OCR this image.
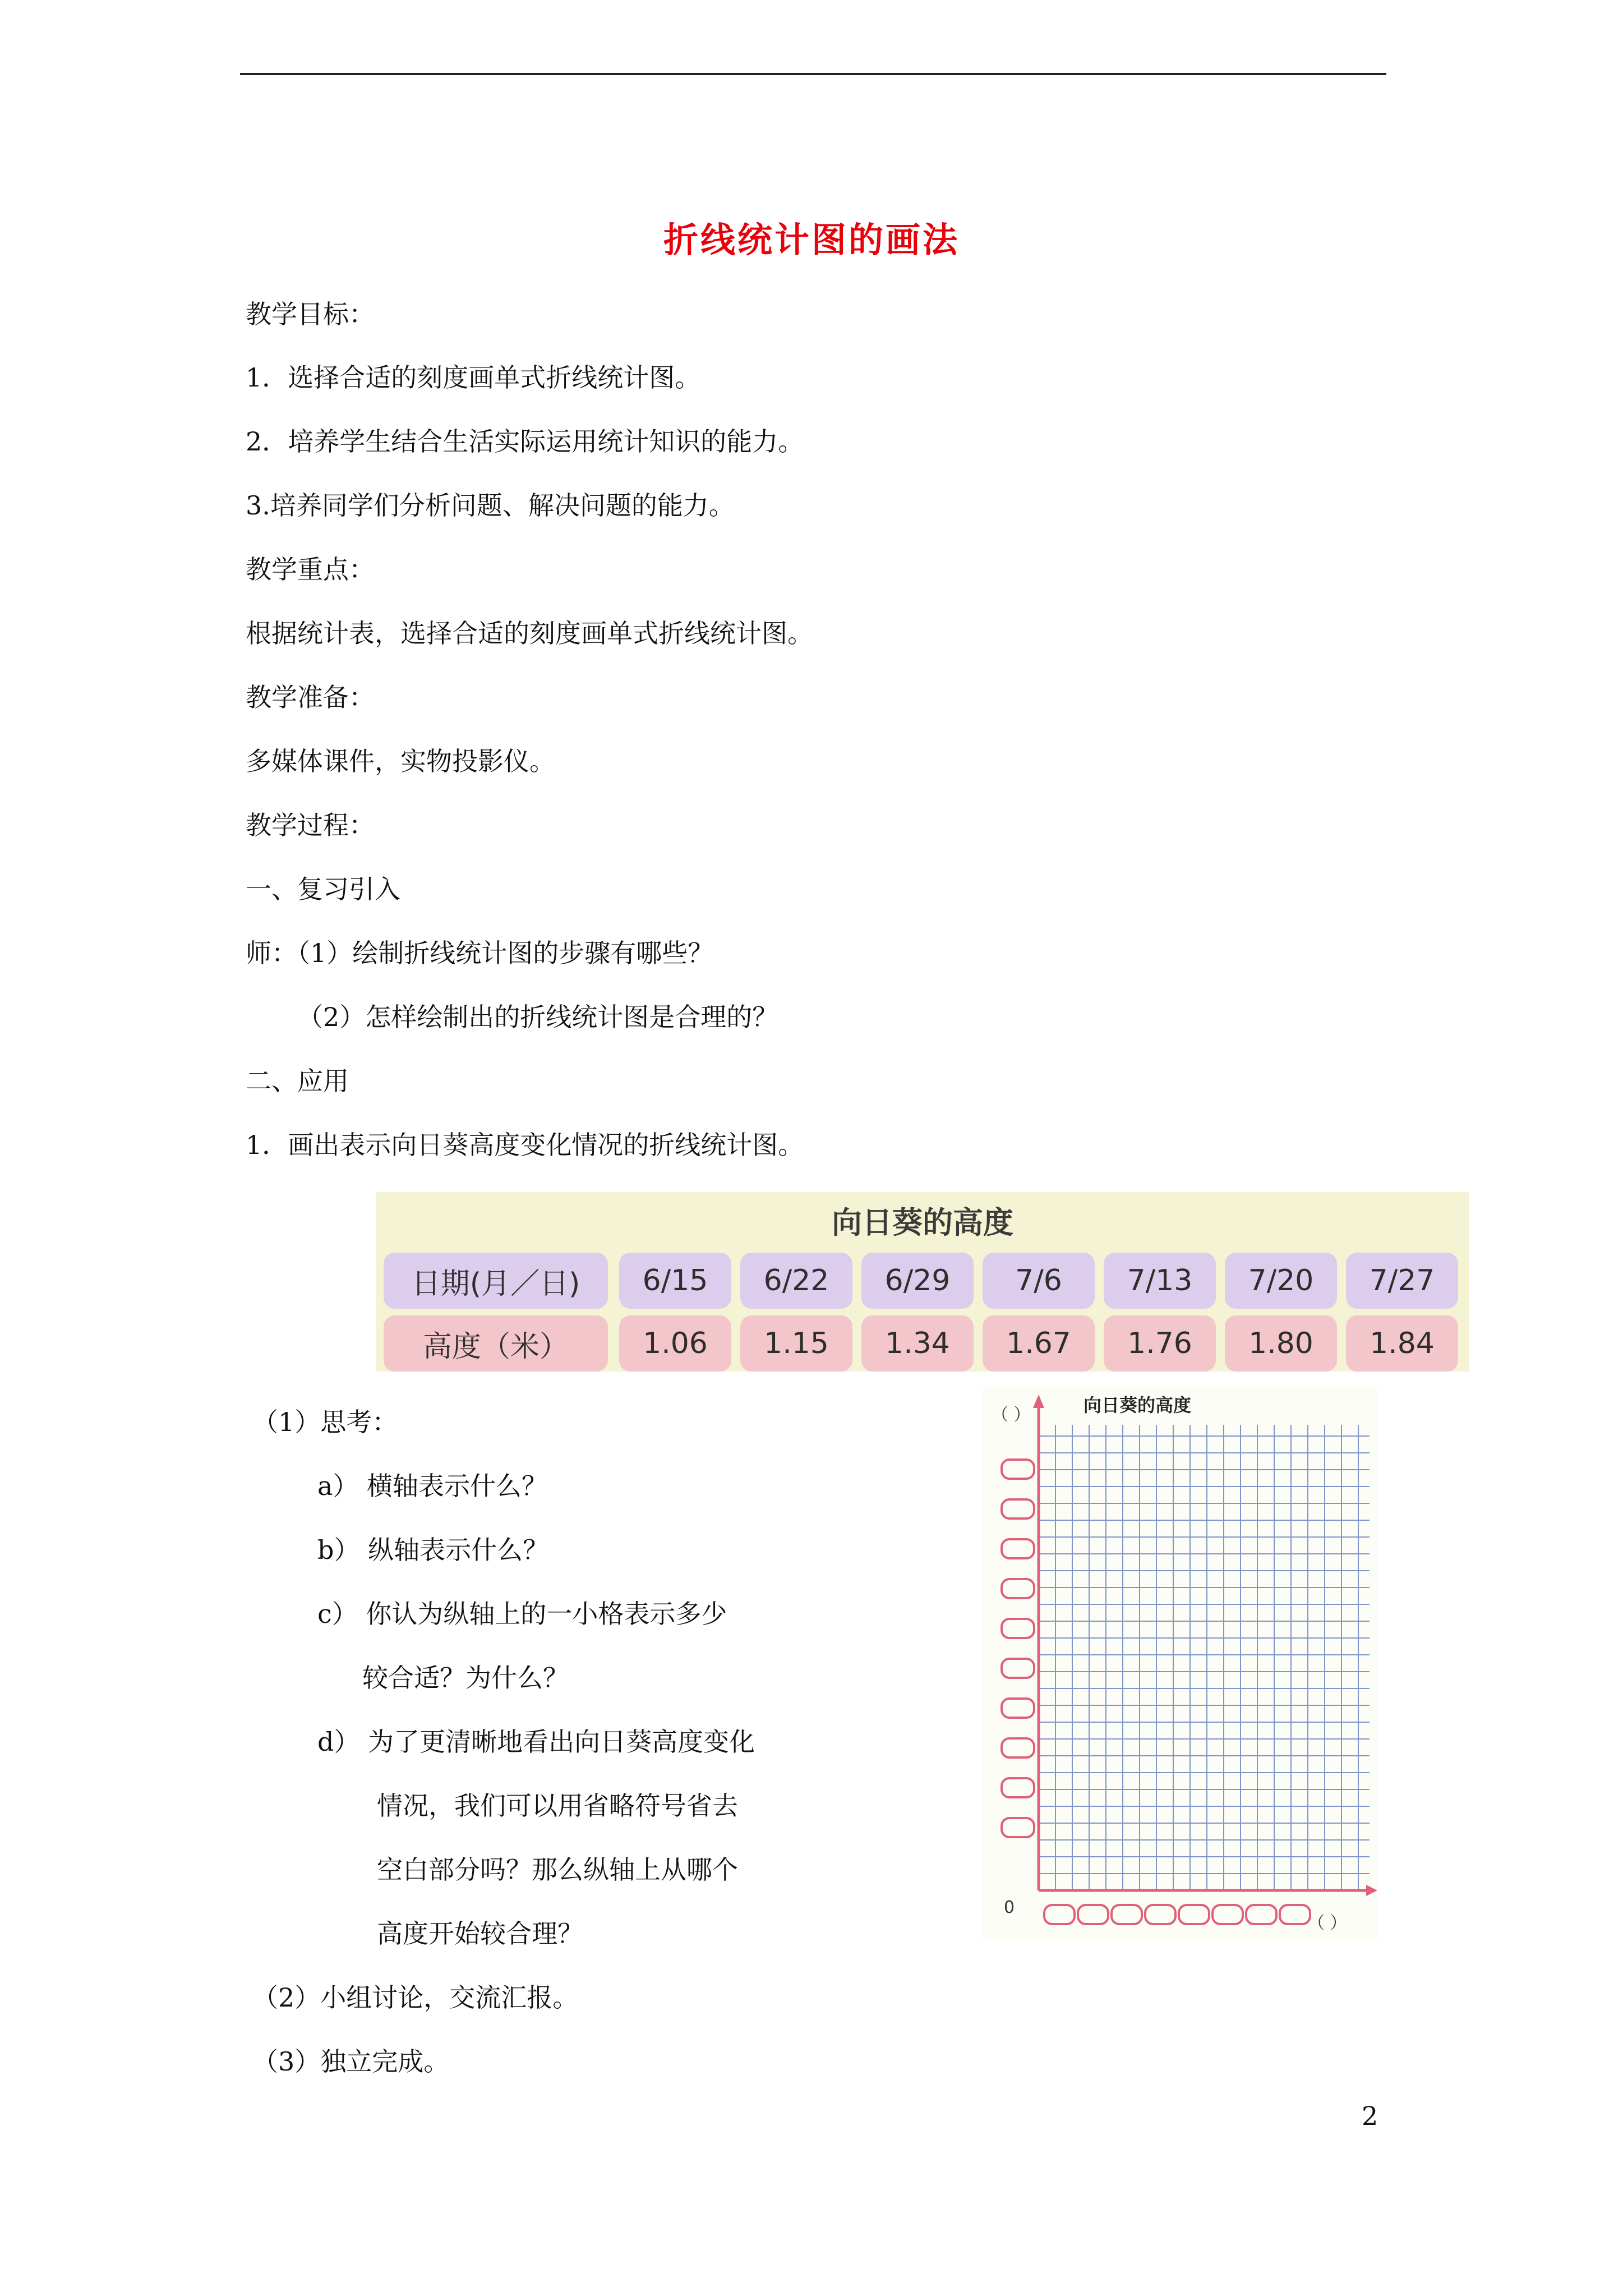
折线统计图的画法
教学目标：
1．选择合适的刻度画单式折线统计图。
2．培养学生结合生活实际运用统计知识的能力。
3.培养同学们分析问题、解决问题的能力。
教学重点：
根据统计表，选择合适的刻度画单式折线统计图。
教学准备：
多媒体课件，实物投影仪。
教学过程：
一、复习引入
师：（1）绘制折线统计图的步骤有哪些？
（2）怎样绘制出的折线统计图是合理的？
二、应用
1．画出表示向日葵高度变化情况的折线统计图。
向日葵的高度
日期(月／日)	6/15	6/22	6/29	7/6	7/13	7/20	7/27
高度（米）	1.06	1.15	1.34	1.67	1.76	1.80	1.84
（1）思考：
a） 横轴表示什么？
b） 纵轴表示什么？
c） 你认为纵轴上的一小格表示多少
较合适？为什么？
d） 为了更清晰地看出向日葵高度变化
情况，我们可以用省略符号省去
空白部分吗？那么纵轴上从哪个
高度开始较合理？
（2）小组讨论，交流汇报。
（3）独立完成。
向日葵的高度
（ ）
（ ）
0
2
